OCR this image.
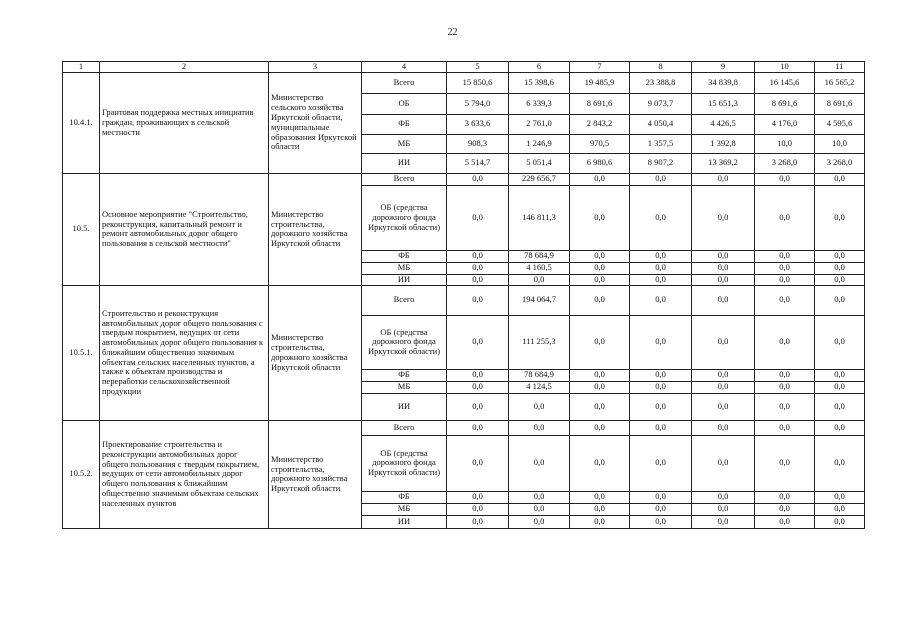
22
1	2	3	4	5	6	7	8	9	10	11
10.4.1.	Грантовая поддержка местных инициатив граждан, проживающих в сельской местности	Министерство сельского хозяйства Иркутской области, муниципальные образования Иркутской области	Всего	15 850,6	15 398,6	19 485,9	23 388,8	34 839,8	16 145,6	16 565,2
			ОБ	5 794,0	6 339,3	8 691,6	9 073,7	15 651,3	8 691,6	8 691,6
			ФБ	3 633,6	2 761,0	2 843,2	4 050,4	4 426,5	4 176,0	4 595,6
			МБ	908,3	1 246,9	970,5	1 357,5	1 392,8	10,0	10,0
			ИИ	5 514,7	5 051,4	6 980,6	8 907,2	13 369,2	3 268,0	3 268,0
10.5.	Основное мероприятие "Строительство, реконструкция, капитальный ремонт и ремонт автомобильных дорог общего пользования в сельской местности"	Министерство строительства, дорожного хозяйства Иркутской области	Всего	0,0	229 656,7	0,0	0,0	0,0	0,0	0,0
			ОБ (средства дорожного фонда Иркутской области)	0,0	146 811,3	0,0	0,0	0,0	0,0	0,0
			ФБ	0,0	78 684,9	0,0	0,0	0,0	0,0	0,0
			МБ	0,0	4 160,5	0,0	0,0	0,0	0,0	0,0
			ИИ	0,0	0,0	0,0	0,0	0,0	0,0	0,0
10.5.1.	Строительство и реконструкция автомобильных дорог общего пользования с твердым покрытием, ведущих от сети автомобильных дорог общего пользования к ближайшим общественно значимым объектам сельских населенных пунктов, а также к объектам производства и переработки сельскохозяйственной продукции	Министерство строительства, дорожного хозяйства Иркутской области	Всего	0,0	194 064,7	0,0	0,0	0,0	0,0	0,0
			ОБ (средства дорожного фонда Иркутской области)	0,0	111 255,3	0,0	0,0	0,0	0,0	0,0
			ФБ	0,0	78 684,9	0,0	0,0	0,0	0,0	0,0
			МБ	0,0	4 124,5	0,0	0,0	0,0	0,0	0,0
			ИИ	0,0	0,0	0,0	0,0	0,0	0,0	0,0
10.5.2.	Проектирование строительства и реконструкции автомобильных дорог общего пользования с твердым покрытием, ведущих от сети автомобильных дорог общего пользования к ближайшим общественно значимым объектам сельских населенных пунктов	Министерство строительства, дорожного хозяйства Иркутской области	Всего	0,0	0,0	0,0	0,0	0,0	0,0	0,0
			ОБ (средства дорожного фонда Иркутской области)	0,0	0,0	0,0	0,0	0,0	0,0	0,0
			ФБ	0,0	0,0	0,0	0,0	0,0	0,0	0,0
			МБ	0,0	0,0	0,0	0,0	0,0	0,0	0,0
			ИИ	0,0	0,0	0,0	0,0	0,0	0,0	0,0
